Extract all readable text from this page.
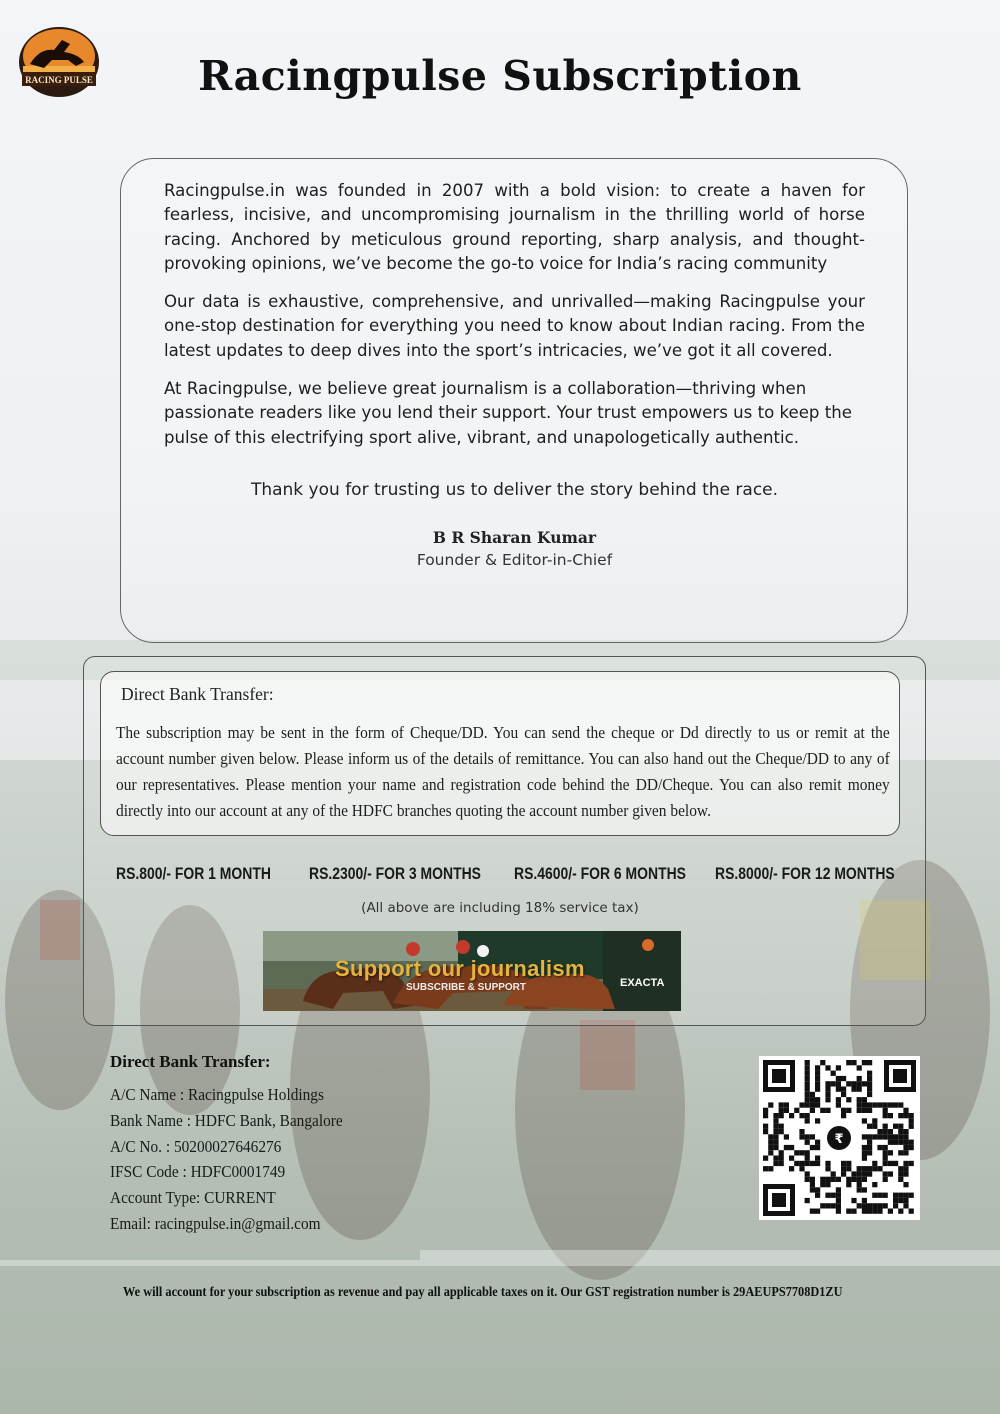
RACING PULSE	Racingpulse Subscription

Racingpulse.in was founded in 2007 with a bold vision: to create a haven for fearless, incisive, and uncompromising journalism in the thrilling world of horse racing. Anchored by meticulous ground reporting, sharp analysis, and thought-provoking opinions, we’ve become the go-to voice for India’s racing community

Our data is exhaustive, comprehensive, and unrivalled—making Racingpulse your one-stop destination for everything you need to know about Indian racing. From the latest updates to deep dives into the sport’s intricacies, we’ve got it all covered.

At Racingpulse, we believe great journalism is a collaboration—thriving when passionate readers like you lend their support. Your trust empowers us to keep the pulse of this electrifying sport alive, vibrant, and unapologetically authentic.

Thank you for trusting us to deliver the story behind the race.
B R Sharan Kumar
Founder & Editor-in-Chief
Direct Bank Transfer:
The subscription may be sent in the form of Cheque/DD. You can send the cheque or Dd directly to us or remit at the account number given below. Please inform us of the details of remittance. You can also hand out the Cheque/DD to any of our representatives. Please mention your name and registration code behind the DD/Cheque. You can also remit money directly into our account at any of the HDFC branches quoting the account number given below.
RS.800/- FOR 1 MONTH RS.2300/- FOR 3 MONTHS RS.4600/- FOR 6 MONTHS RS.8000/- FOR 12 MONTHS
(All above are including 18% service tax)
Support our journalism
SUBSCRIBE & SUPPORT	EXACTA
Direct Bank Transfer:
A/C Name : Racingpulse Holdings
Bank Name : HDFC Bank, Bangalore
A/C No. : 50200027646276
IFSC Code : HDFC0001749
Account Type: CURRENT
Email: racingpulse.in@gmail.com
₹
We will account for your subscription as revenue and pay all applicable taxes on it. Our GST registration number is 29AEUPS7708D1ZU
